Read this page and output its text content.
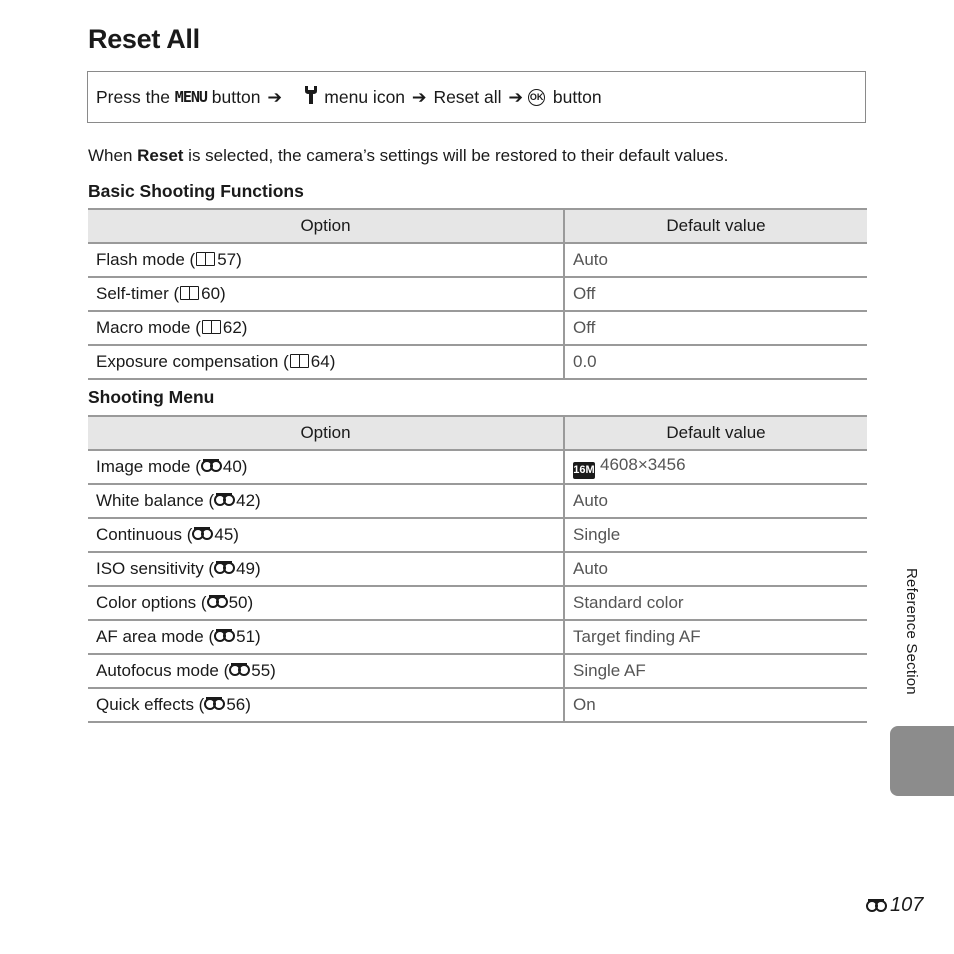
Reset All
Press the MENU button ➔

menu icon ➔ Reset all ➔ OK button

When Reset is selected, the camera’s settings will be restored to their default values.

Basic Shooting Functions
Option	Default value
Flash mode ( 57)	Auto
Self-timer ( 60)	Off
Macro mode ( 62)	Off
Exposure compensation ( 64)	0.0
Shooting Menu
Option	Default value
Image mode ( 40)	16M 4608×3456
White balance ( 42)	Auto
Continuous ( 45)	Single
ISO sensitivity ( 49)	Auto
Color options ( 50)	Standard color
AF area mode ( 51)	Target finding AF
Autofocus mode ( 55)	Single AF
Quick effects ( 56)	On
Reference Section
107
